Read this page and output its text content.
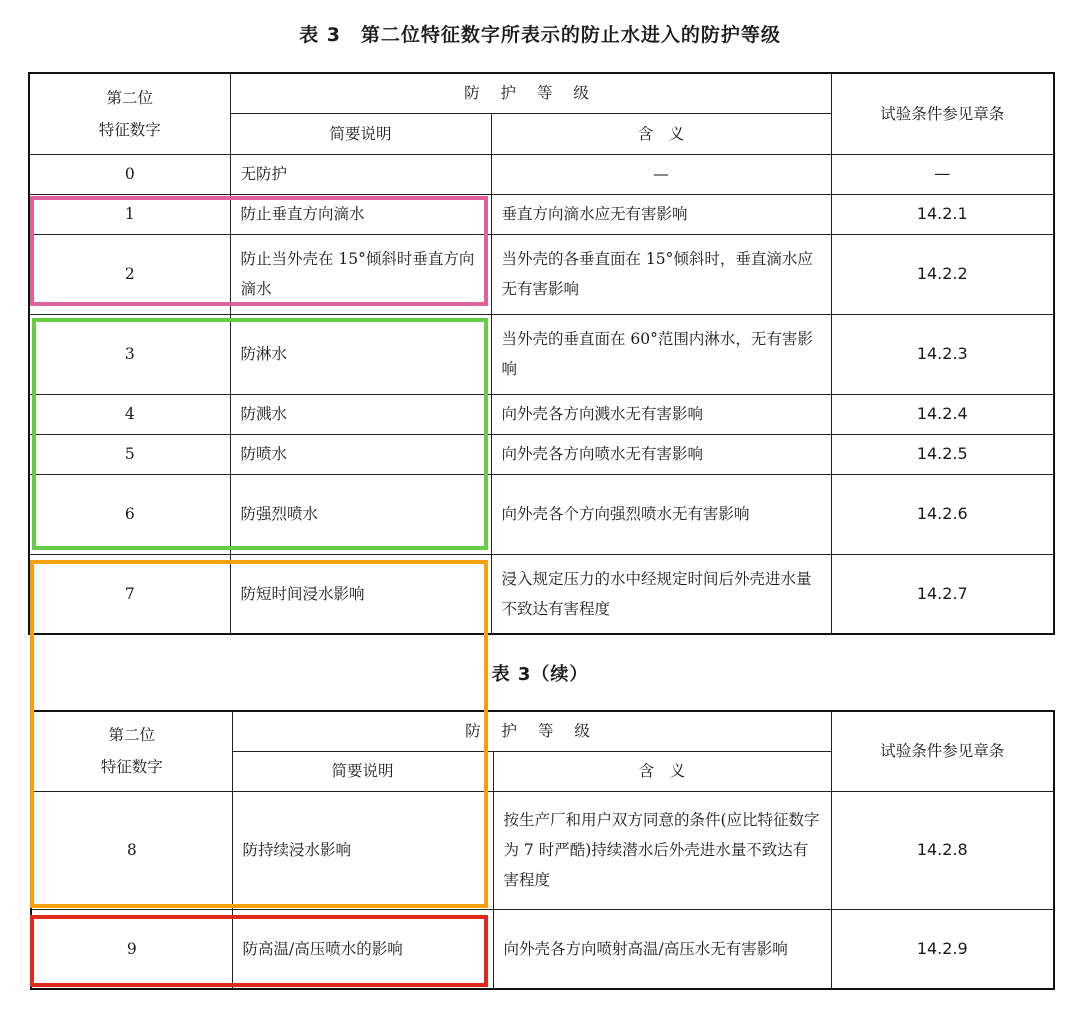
表 3　第二位特征数字所表示的防止水进入的防护等级
第二位
特征数字	防 护 等 级		试验条件参见章条
	简要说明	含　义	
0	无防护	—	—
1	防止垂直方向滴水	垂直方向滴水应无有害影响	14.2.1
2	防止当外壳在 15°倾斜时垂直方向滴水	当外壳的各垂直面在 15°倾斜时，垂直滴水应无有害影响	14.2.2
3	防淋水	当外壳的垂直面在 60°范围内淋水，无有害影响	14.2.3
4	防溅水	向外壳各方向溅水无有害影响	14.2.4
5	防喷水	向外壳各方向喷水无有害影响	14.2.5
6	防强烈喷水	向外壳各个方向强烈喷水无有害影响	14.2.6
7	防短时间浸水影响	浸入规定压力的水中经规定时间后外壳进水量不致达有害程度	14.2.7
表 3（续）
第二位
特征数字	防 护 等 级		试验条件参见章条
	简要说明	含　义	
8	防持续浸水影响	按生产厂和用户双方同意的条件(应比特征数字为 7 时严酷)持续潜水后外壳进水量不致达有害程度	14.2.8
9	防高温/高压喷水的影响	向外壳各方向喷射高温/高压水无有害影响	14.2.9
